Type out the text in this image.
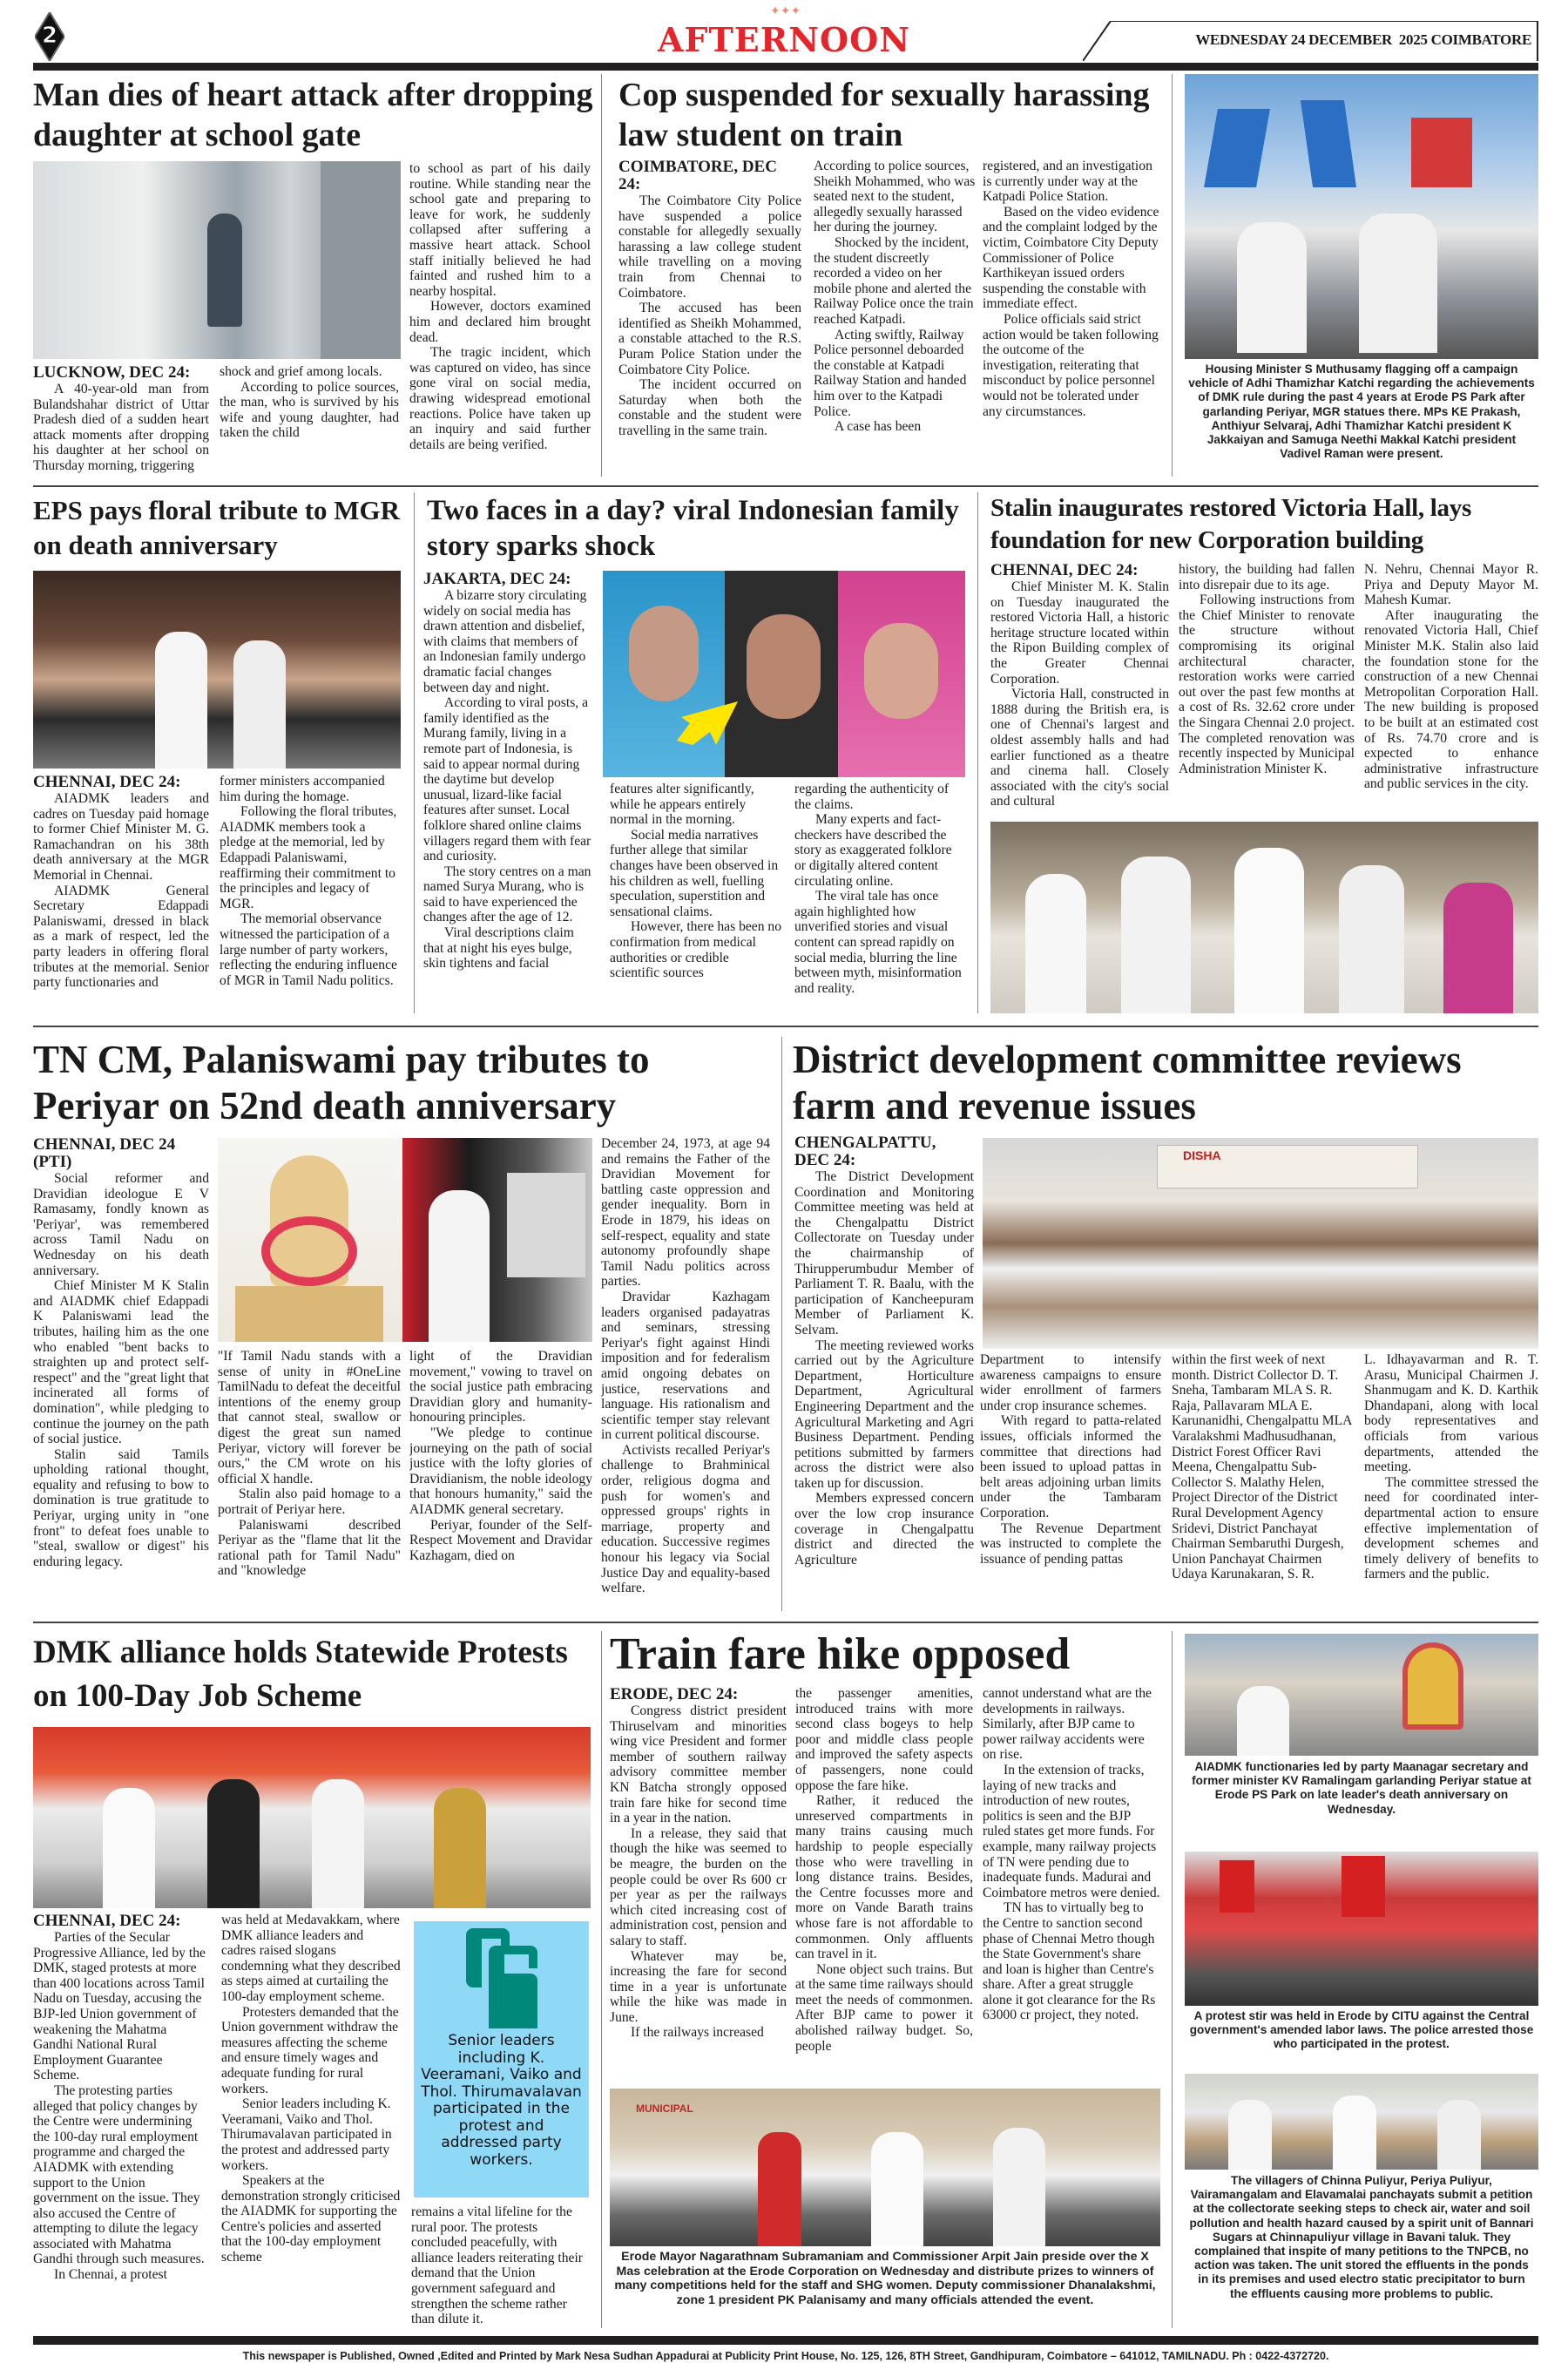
2
✦✦✦
AFTERNOON	WEDNESDAY 24 DECEMBER  2025 COIMBATORE
Man dies of heart attack after dropping daughter at school gate

LUCKNOW, DEC 24:

A 40-year-old man from Bulandshahar district of Uttar Pradesh died of a sudden heart attack moments after dropping his daughter at her school on Thursday morning, triggering

shock and grief among locals.

According to police sources, the man, who is survived by his wife and young daughter, had taken the child

to school as part of his daily routine. While standing near the school gate and preparing to leave for work, he suddenly collapsed after suffering a massive heart attack. School staff initially believed he had fainted and rushed him to a nearby hospital.

However, doctors examined him and declared him brought dead.

The tragic incident, which was captured on video, has since gone viral on social media, drawing widespread emotional reactions. Police have taken up an inquiry and said further details are being verified.

Cop suspended for sexually harassing law student on train

COIMBATORE, DEC 24:

The Coimbatore City Police have suspended a police constable for allegedly sexually harassing a law college student while travelling on a moving train from Chennai to Coimbatore.

The accused has been identified as Sheikh Mohammed, a constable attached to the R.S. Puram Police Station under the Coimbatore City Police.

The incident occurred on Saturday when both the constable and the student were travelling in the same train.

According to police sources, Sheikh Mohammed, who was seated next to the student, allegedly sexually harassed her during the journey.

Shocked by the incident, the student discreetly recorded a video on her mobile phone and alerted the Railway Police once the train reached Katpadi.

Acting swiftly, Railway Police personnel deboarded the constable at Katpadi Railway Station and handed him over to the Katpadi Police.

A case has been

registered, and an investigation is currently under way at the Katpadi Police Station.

Based on the video evidence and the complaint lodged by the victim, Coimbatore City Deputy Commissioner of Police Karthikeyan issued orders suspending the constable with immediate effect.

Police officials said strict action would be taken following the outcome of the investigation, reiterating that misconduct by police personnel would not be tolerated under any circumstances.

Housing Minister S Muthusamy flagging off a campaign vehicle of Adhi Thamizhar Katchi regarding the achievements of DMK rule during the past 4 years at Erode PS Park after garlanding Periyar, MGR statues there. MPs KE Prakash, Anthiyur Selvaraj, Adhi Thamizhar Katchi president K Jakkaiyan and Samuga Neethi Makkal Katchi president Vadivel Raman were present.
EPS pays floral tribute to MGR on death anniversary

CHENNAI, DEC 24:

AIADMK leaders and cadres on Tuesday paid homage to former Chief Minister M. G. Ramachandran on his 38th death anniversary at the MGR Memorial in Chennai.

AIADMK General Secretary Edappadi Palaniswami, dressed in black as a mark of respect, led the party leaders in offering floral tributes at the memorial. Senior party functionaries and

former ministers accompanied him during the homage.

Following the floral tributes, AIADMK members took a pledge at the memorial, led by Edappadi Palaniswami, reaffirming their commitment to the principles and legacy of MGR.

The memorial observance witnessed the participation of a large number of party workers, reflecting the enduring influence of MGR in Tamil Nadu politics.

Two faces in a day? viral Indonesian family story sparks shock

JAKARTA, DEC 24:

A bizarre story circulating widely on social media has drawn attention and disbelief, with claims that members of an Indonesian family undergo dramatic facial changes between day and night.

According to viral posts, a family identified as the Murang family, living in a remote part of Indonesia, is said to appear normal during the daytime but develop unusual, lizard-like facial features after sunset. Local folklore shared online claims villagers regard them with fear and curiosity.

The story centres on a man named Surya Murang, who is said to have experienced the changes after the age of 12.

Viral descriptions claim that at night his eyes bulge, skin tightens and facial

features alter significantly, while he appears entirely normal in the morning.

Social media narratives further allege that similar changes have been observed in his children as well, fuelling speculation, superstition and sensational claims.

However, there has been no confirmation from medical authorities or credible scientific sources

regarding the authenticity of the claims.

Many experts and fact-checkers have described the story as exaggerated folklore or digitally altered content circulating online.

The viral tale has once again highlighted how unverified stories and visual content can spread rapidly on social media, blurring the line between myth, misinformation and reality.

Stalin inaugurates restored Victoria Hall, lays foundation for new Corporation building

CHENNAI, DEC 24:

Chief Minister M. K. Stalin on Tuesday inaugurated the restored Victoria Hall, a historic heritage structure located within the Ripon Building complex of the Greater Chennai Corporation.

Victoria Hall, constructed in 1888 during the British era, is one of Chennai's largest and oldest assembly halls and had earlier functioned as a theatre and cinema hall. Closely associated with the city's social and cultural

history, the building had fallen into disrepair due to its age.

Following instructions from the Chief Minister to renovate the structure without compromising its original architectural character, restoration works were carried out over the past few months at a cost of Rs. 32.62 crore under the Singara Chennai 2.0 project. The completed renovation was recently inspected by Municipal Administration Minister K.

N. Nehru, Chennai Mayor R. Priya and Deputy Mayor M. Mahesh Kumar.

After inaugurating the renovated Victoria Hall, Chief Minister M.K. Stalin also laid the foundation stone for the construction of a new Chennai Metropolitan Corporation Hall. The new building is proposed to be built at an estimated cost of Rs. 74.70 crore and is expected to enhance administrative infrastructure and public services in the city.

TN CM, Palaniswami pay tributes to Periyar on 52nd death anniversary

CHENNAI, DEC 24 (PTI)

Social reformer and Dravidian ideologue E V Ramasamy, fondly known as 'Periyar', was remembered across Tamil Nadu on Wednesday on his death anniversary.

Chief Minister M K Stalin and AIADMK chief Edappadi K Palaniswami lead the tributes, hailing him as the one who enabled "bent backs to straighten up and protect self-respect" and the "great light that incinerated all forms of domination", while pledging to continue the journey on the path of social justice.

Stalin said Tamils upholding rational thought, equality and refusing to bow to domination is true gratitude to Periyar, urging unity in "one front" to defeat foes unable to "steal, swallow or digest" his enduring legacy.

"If Tamil Nadu stands with a sense of unity in #OneLine TamilNadu to defeat the deceitful intentions of the enemy group that cannot steal, swallow or digest the great sun named Periyar, victory will forever be ours," the CM wrote on his official X handle.

Stalin also paid homage to a portrait of Periyar here.

Palaniswami described Periyar as the "flame that lit the rational path for Tamil Nadu" and "knowledge

light of the Dravidian movement," vowing to travel on the social justice path embracing Dravidian glory and humanity-honouring principles.

"We pledge to continue journeying on the path of social justice with the lofty glories of Dravidianism, the noble ideology that honours humanity," said the AIADMK general secretary.

Periyar, founder of the Self-Respect Movement and Dravidar Kazhagam, died on

December 24, 1973, at age 94 and remains the Father of the Dravidian Movement for battling caste oppression and gender inequality. Born in Erode in 1879, his ideas on self-respect, equality and state autonomy profoundly shape Tamil Nadu politics across parties.

Dravidar Kazhagam leaders organised padayatras and seminars, stressing Periyar's fight against Hindi imposition and for federalism amid ongoing debates on justice, reservations and language. His rationalism and scientific temper stay relevant in current political discourse.

Activists recalled Periyar's challenge to Brahminical order, religious dogma and push for women's and oppressed groups' rights in marriage, property and education. Successive regimes honour his legacy via Social Justice Day and equality-based welfare.

District development committee reviews farm and revenue issues

CHENGALPATTU, DEC 24:

The District Development Coordination and Monitoring Committee meeting was held at the Chengalpattu District Collectorate on Tuesday under the chairmanship of Thirupperumbudur Member of Parliament T. R. Baalu, with the participation of Kancheepuram Member of Parliament K. Selvam.

The meeting reviewed works carried out by the Agriculture Department, Horticulture Department, Agricultural Engineering Department and the Agricultural Marketing and Agri Business Department. Pending petitions submitted by farmers across the district were also taken up for discussion.

Members expressed concern over the low crop insurance coverage in Chengalpattu district and directed the Agriculture

DISHA

Department to intensify awareness campaigns to ensure wider enrollment of farmers under crop insurance schemes.

With regard to patta-related issues, officials informed the committee that directions had been issued to upload pattas in belt areas adjoining urban limits under the Tambaram Corporation.

The Revenue Department was instructed to complete the issuance of pending pattas

within the first week of next month. District Collector D. T. Sneha, Tambaram MLA S. R. Raja, Pallavaram MLA E. Karunanidhi, Chengalpattu MLA Varalakshmi Madhusudhanan, District Forest Officer Ravi Meena, Chengalpattu Sub-Collector S. Malathy Helen, Project Director of the District Rural Development Agency Sridevi, District Panchayat Chairman Sembaruthi Durgesh, Union Panchayat Chairmen Udaya Karunakaran, S. R.

L. Idhayavarman and R. T. Arasu, Municipal Chairmen J. Shanmugam and K. D. Karthik Dhandapani, along with local body representatives and officials from various departments, attended the meeting.

The committee stressed the need for coordinated inter-departmental action to ensure effective implementation of development schemes and timely delivery of benefits to farmers and the public.

DMK alliance holds Statewide Protests on 100-Day Job Scheme

CHENNAI, DEC 24:

Parties of the Secular Progressive Alliance, led by the DMK, staged protests at more than 400 locations across Tamil Nadu on Tuesday, accusing the BJP-led Union government of weakening the Mahatma Gandhi National Rural Employment Guarantee Scheme.

The protesting parties alleged that policy changes by the Centre were undermining the 100-day rural employment programme and charged the AIADMK with extending support to the Union government on the issue. They also accused the Centre of attempting to dilute the legacy associated with Mahatma Gandhi through such measures.

In Chennai, a protest

was held at Medavakkam, where DMK alliance leaders and cadres raised slogans condemning what they described as steps aimed at curtailing the 100-day employment scheme.

Protesters demanded that the Union government withdraw the measures affecting the scheme and ensure timely wages and adequate funding for rural workers.

Senior leaders including K. Veeramani, Vaiko and Thol. Thirumavalavan participated in the protest and addressed party workers.

Speakers at the demonstration strongly criticised the AIADMK for supporting the Centre's policies and asserted that the 100-day employment scheme

Senior leaders including K. Veeramani, Vaiko and Thol. Thirumavalavan participated in the protest and addressed party workers.

remains a vital lifeline for the rural poor. The protests concluded peacefully, with alliance leaders reiterating their demand that the Union government safeguard and strengthen the scheme rather than dilute it.

Train fare hike opposed

ERODE, DEC 24:

Congress district president Thiruselvam and minorities wing vice President and former member of southern railway advisory committee member KN Batcha strongly opposed train fare hike for second time in a year in the nation.

In a release, they said that though the hike was seemed to be meagre, the burden on the people could be over Rs 600 cr per year as per the railways which cited increasing cost of administration cost, pension and salary to staff.

Whatever may be, increasing the fare for second time in a year is unfortunate while the hike was made in June.

If the railways increased

the passenger amenities, introduced trains with more second class bogeys to help poor and middle class people and improved the safety aspects of passengers, none could oppose the fare hike.

Rather, it reduced the unreserved compartments in many trains causing much hardship to people especially those who were travelling in long distance trains. Besides, the Centre focusses more and more on Vande Barath trains whose fare is not affordable to commonmen. Only affluents can travel in it.

None object such trains. But at the same time railways should meet the needs of commonmen. After BJP came to power it abolished railway budget. So, people

cannot understand what are the developments in railways. Similarly, after BJP came to power railway accidents were on rise.

In the extension of tracks, laying of new tracks and introduction of new routes, politics is seen and the BJP ruled states get more funds. For example, many railway projects of TN were pending due to inadequate funds. Madurai and Coimbatore metros were denied.

TN has to virtually beg to the Centre to sanction second phase of Chennai Metro though the State Government's share and loan is higher than Centre's share. After a great struggle alone it got clearance for the Rs 63000 cr project, they noted.

MUNICIPAL
Erode Mayor Nagarathnam Subramaniam and Commissioner Arpit Jain preside over the X Mas celebration at the Erode Corporation on Wednesday and distribute prizes to winners of many competitions held for the staff and SHG women. Deputy commissioner Dhanalakshmi, zone 1 president PK Palanisamy and many officials attended the event.
AIADMK functionaries led by party Maanagar secretary and former minister KV Ramalingam garlanding Periyar statue at Erode PS Park on late leader's death anniversary on Wednesday.
A protest stir was held in Erode by CITU against the Central government's amended labor laws. The police arrested those who participated in the protest.
The villagers of Chinna Puliyur, Periya Puliyur, Vairamangalam and Elavamalai panchayats submit a petition at the collectorate seeking steps to check air, water and soil pollution and health hazard caused by a spirit unit of Bannari Sugars at Chinnapuliyur village in Bavani taluk. They complained that inspite of many petitions to the TNPCB, no action was taken. The unit stored the effluents in the ponds in its premises and used electro static precipitator to burn the effluents causing more problems to public.
This newspaper is Published, Owned ,Edited and Printed by Mark Nesa Sudhan Appadurai at Publicity Print House, No. 125, 126, 8TH Street, Gandhipuram, Coimbatore – 641012, TAMILNADU. Ph : 0422-4372720.
